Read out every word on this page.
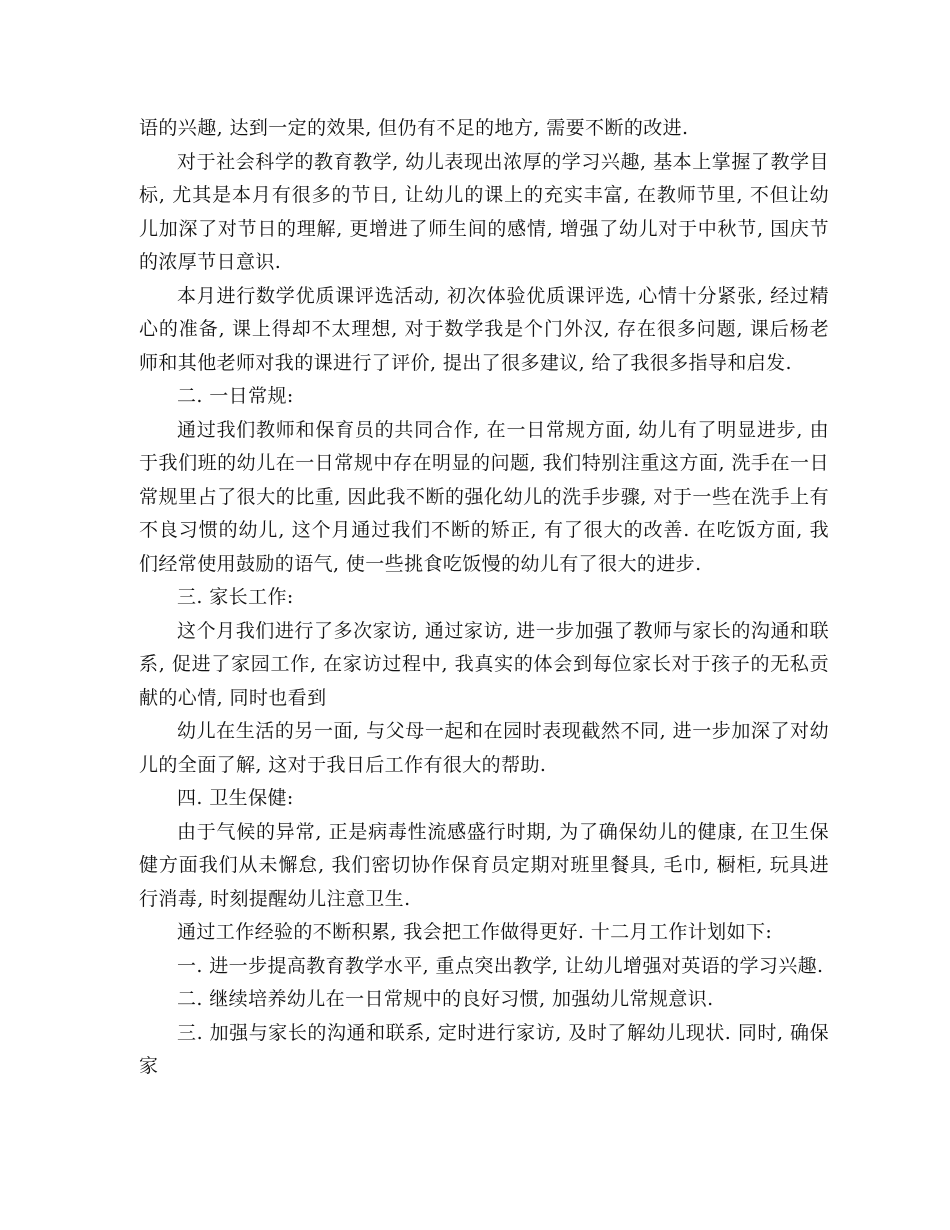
语的兴趣, 达到一定的效果, 但仍有不足的地方, 需要不断的改进.

对于社会科学的教育教学, 幼儿表现出浓厚的学习兴趣, 基本上掌握了教学目标, 尤其是本月有很多的节日, 让幼儿的课上的充实丰富, 在教师节里, 不但让幼儿加深了对节日的理解, 更增进了师生间的感情, 增强了幼儿对于中秋节, 国庆节的浓厚节日意识.

本月进行数学优质课评选活动, 初次体验优质课评选, 心情十分紧张, 经过精心的准备, 课上得却不太理想, 对于数学我是个门外汉, 存在很多问题, 课后杨老师和其他老师对我的课进行了评价, 提出了很多建议, 给了我很多指导和启发.

二. 一日常规:

通过我们教师和保育员的共同合作, 在一日常规方面, 幼儿有了明显进步, 由于我们班的幼儿在一日常规中存在明显的问题, 我们特别注重这方面, 洗手在一日常规里占了很大的比重, 因此我不断的强化幼儿的洗手步骤, 对于一些在洗手上有不良习惯的幼儿, 这个月通过我们不断的矫正, 有了很大的改善. 在吃饭方面, 我们经常使用鼓励的语气, 使一些挑食吃饭慢的幼儿有了很大的进步.

三. 家长工作:

这个月我们进行了多次家访, 通过家访, 进一步加强了教师与家长的沟通和联系, 促进了家园工作, 在家访过程中, 我真实的体会到每位家长对于孩子的无私贡献的心情, 同时也看到

幼儿在生活的另一面, 与父母一起和在园时表现截然不同, 进一步加深了对幼儿的全面了解, 这对于我日后工作有很大的帮助.

四. 卫生保健:

由于气候的异常, 正是病毒性流感盛行时期, 为了确保幼儿的健康, 在卫生保健方面我们从未懈怠, 我们密切协作保育员定期对班里餐具, 毛巾, 橱柜, 玩具进行消毒, 时刻提醒幼儿注意卫生.

通过工作经验的不断积累, 我会把工作做得更好. 十二月工作计划如下:

一. 进一步提高教育教学水平, 重点突出教学, 让幼儿增强对英语的学习兴趣.

二. 继续培养幼儿在一日常规中的良好习惯, 加强幼儿常规意识.

三. 加强与家长的沟通和联系, 定时进行家访, 及时了解幼儿现状. 同时, 确保家
